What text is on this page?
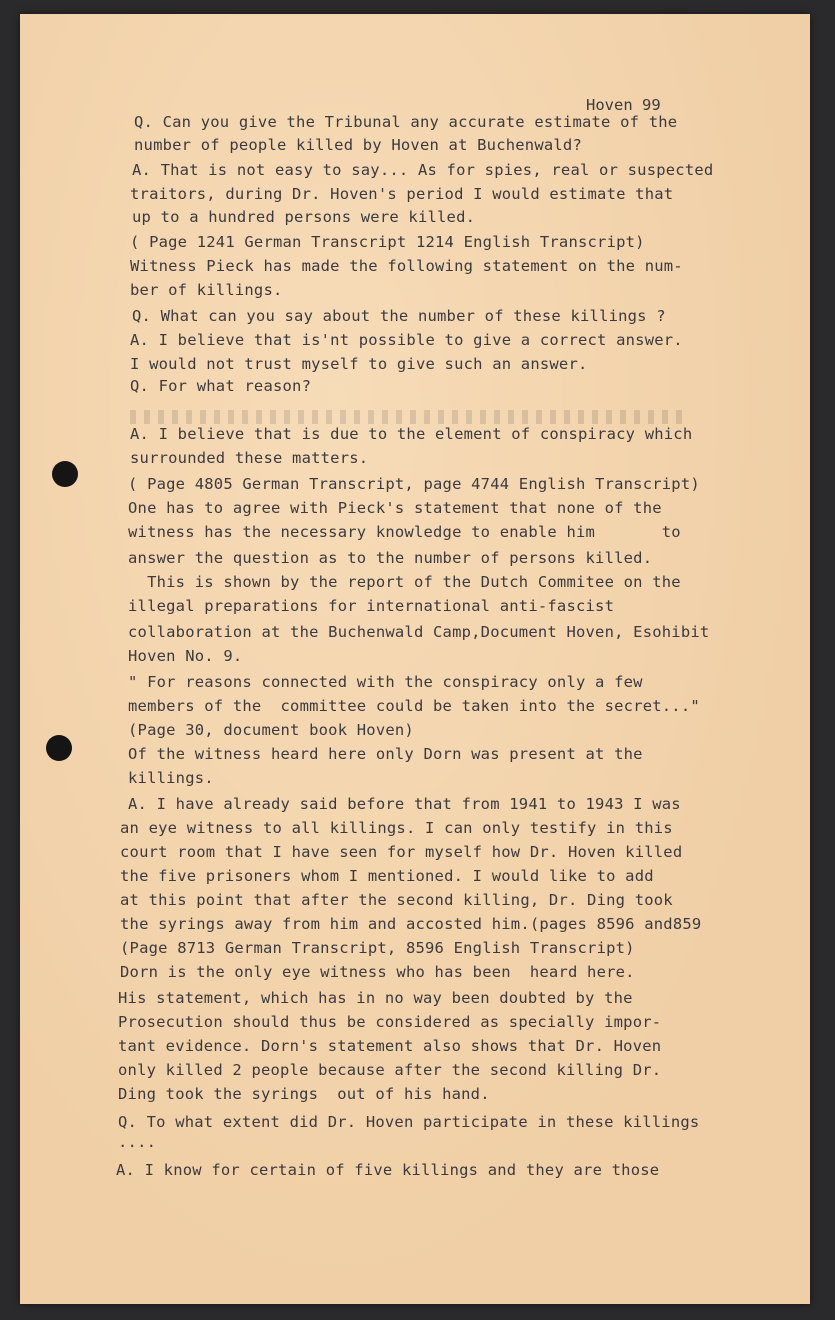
Hoven 99
Q. Can you give the Tribunal any accurate estimate of the
number of people killed by Hoven at Buchenwald?
A. That is not easy to say... As for spies, real or suspected
traitors, during Dr. Hoven's period I would estimate that
up to a hundred persons were killed.
( Page 1241 German Transcript 1214 English Transcript)
Witness Pieck has made the following statement on the num-
ber of killings.
Q. What can you say about the number of these killings ?
A. I believe that is'nt possible to give a correct answer.
I would not trust myself to give such an answer.
Q. For what reason?
A. I believe that is due to the element of conspiracy which
surrounded these matters.
( Page 4805 German Transcript, page 4744 English Transcript)
One has to agree with Pieck's statement that none of the
witness has the necessary knowledge to enable him       to
answer the question as to the number of persons killed.
This is shown by the report of the Dutch Commitee on the
illegal preparations for international anti-fascist
collaboration at the Buchenwald Camp,Document Hoven, Esohibit
Hoven No. 9.
" For reasons connected with the conspiracy only a few
members of the  committee could be taken into the secret..."
(Page 30, document book Hoven)
Of the witness heard here only Dorn was present at the
killings.
A. I have already said before that from 1941 to 1943 I was
an eye witness to all killings. I can only testify in this
court room that I have seen for myself how Dr. Hoven killed
the five prisoners whom I mentioned. I would like to add
at this point that after the second killing, Dr. Ding took
the syrings away from him and accosted him.(pages 8596 and859
(Page 8713 German Transcript, 8596 English Transcript)
Dorn is the only eye witness who has been  heard here.
His statement, which has in no way been doubted by the
Prosecution should thus be considered as specially impor-
tant evidence. Dorn's statement also shows that Dr. Hoven
only killed 2 people because after the second killing Dr.
Ding took the syrings  out of his hand.
Q. To what extent did Dr. Hoven participate in these killings
....
A. I know for certain of five killings and they are those
